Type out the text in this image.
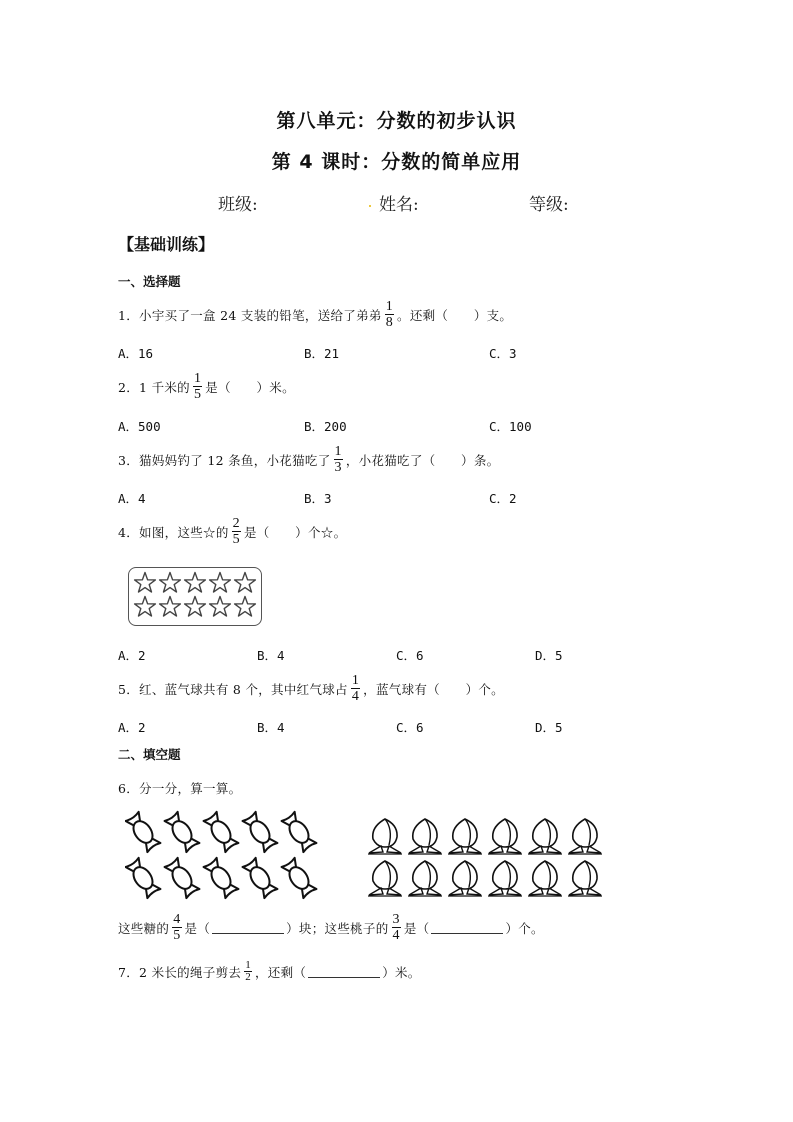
第八单元：分数的初步认识
第 4 课时：分数的简单应用
班级:	姓名:	等级:
【基础训练】
一、选择题
1．小宇买了一盒 24 支装的铅笔，送给了弟弟 $\frac{1}{8}$ 。还剩（　　）支。
A．16	B．21	C．3
2．1 千米的 $\frac{1}{5}$ 是（　　）米。
A．500	B．200	C．100
3．猫妈妈钓了 12 条鱼，小花猫吃了 $\frac{1}{3}$ ，小花猫吃了（　　）条。
A．4	B．3	C．2
4．如图，这些☆的 $\frac{2}{5}$ 是（　　）个☆。
A．2	B．4	C．6	D．5
5．红、蓝气球共有 8 个，其中红气球占 $\frac{1}{4}$ ，蓝气球有（　　）个。
A．2	B．4	C．6	D．5
二、填空题
6．分一分，算一算。
这些糖的 $\frac{4}{5}$ 是（	）块；这些桃子的 $\frac{3}{4}$ 是（	）个。
7．2 米长的绳子剪去 $\frac{1}{2}$ ，还剩（	）米。
